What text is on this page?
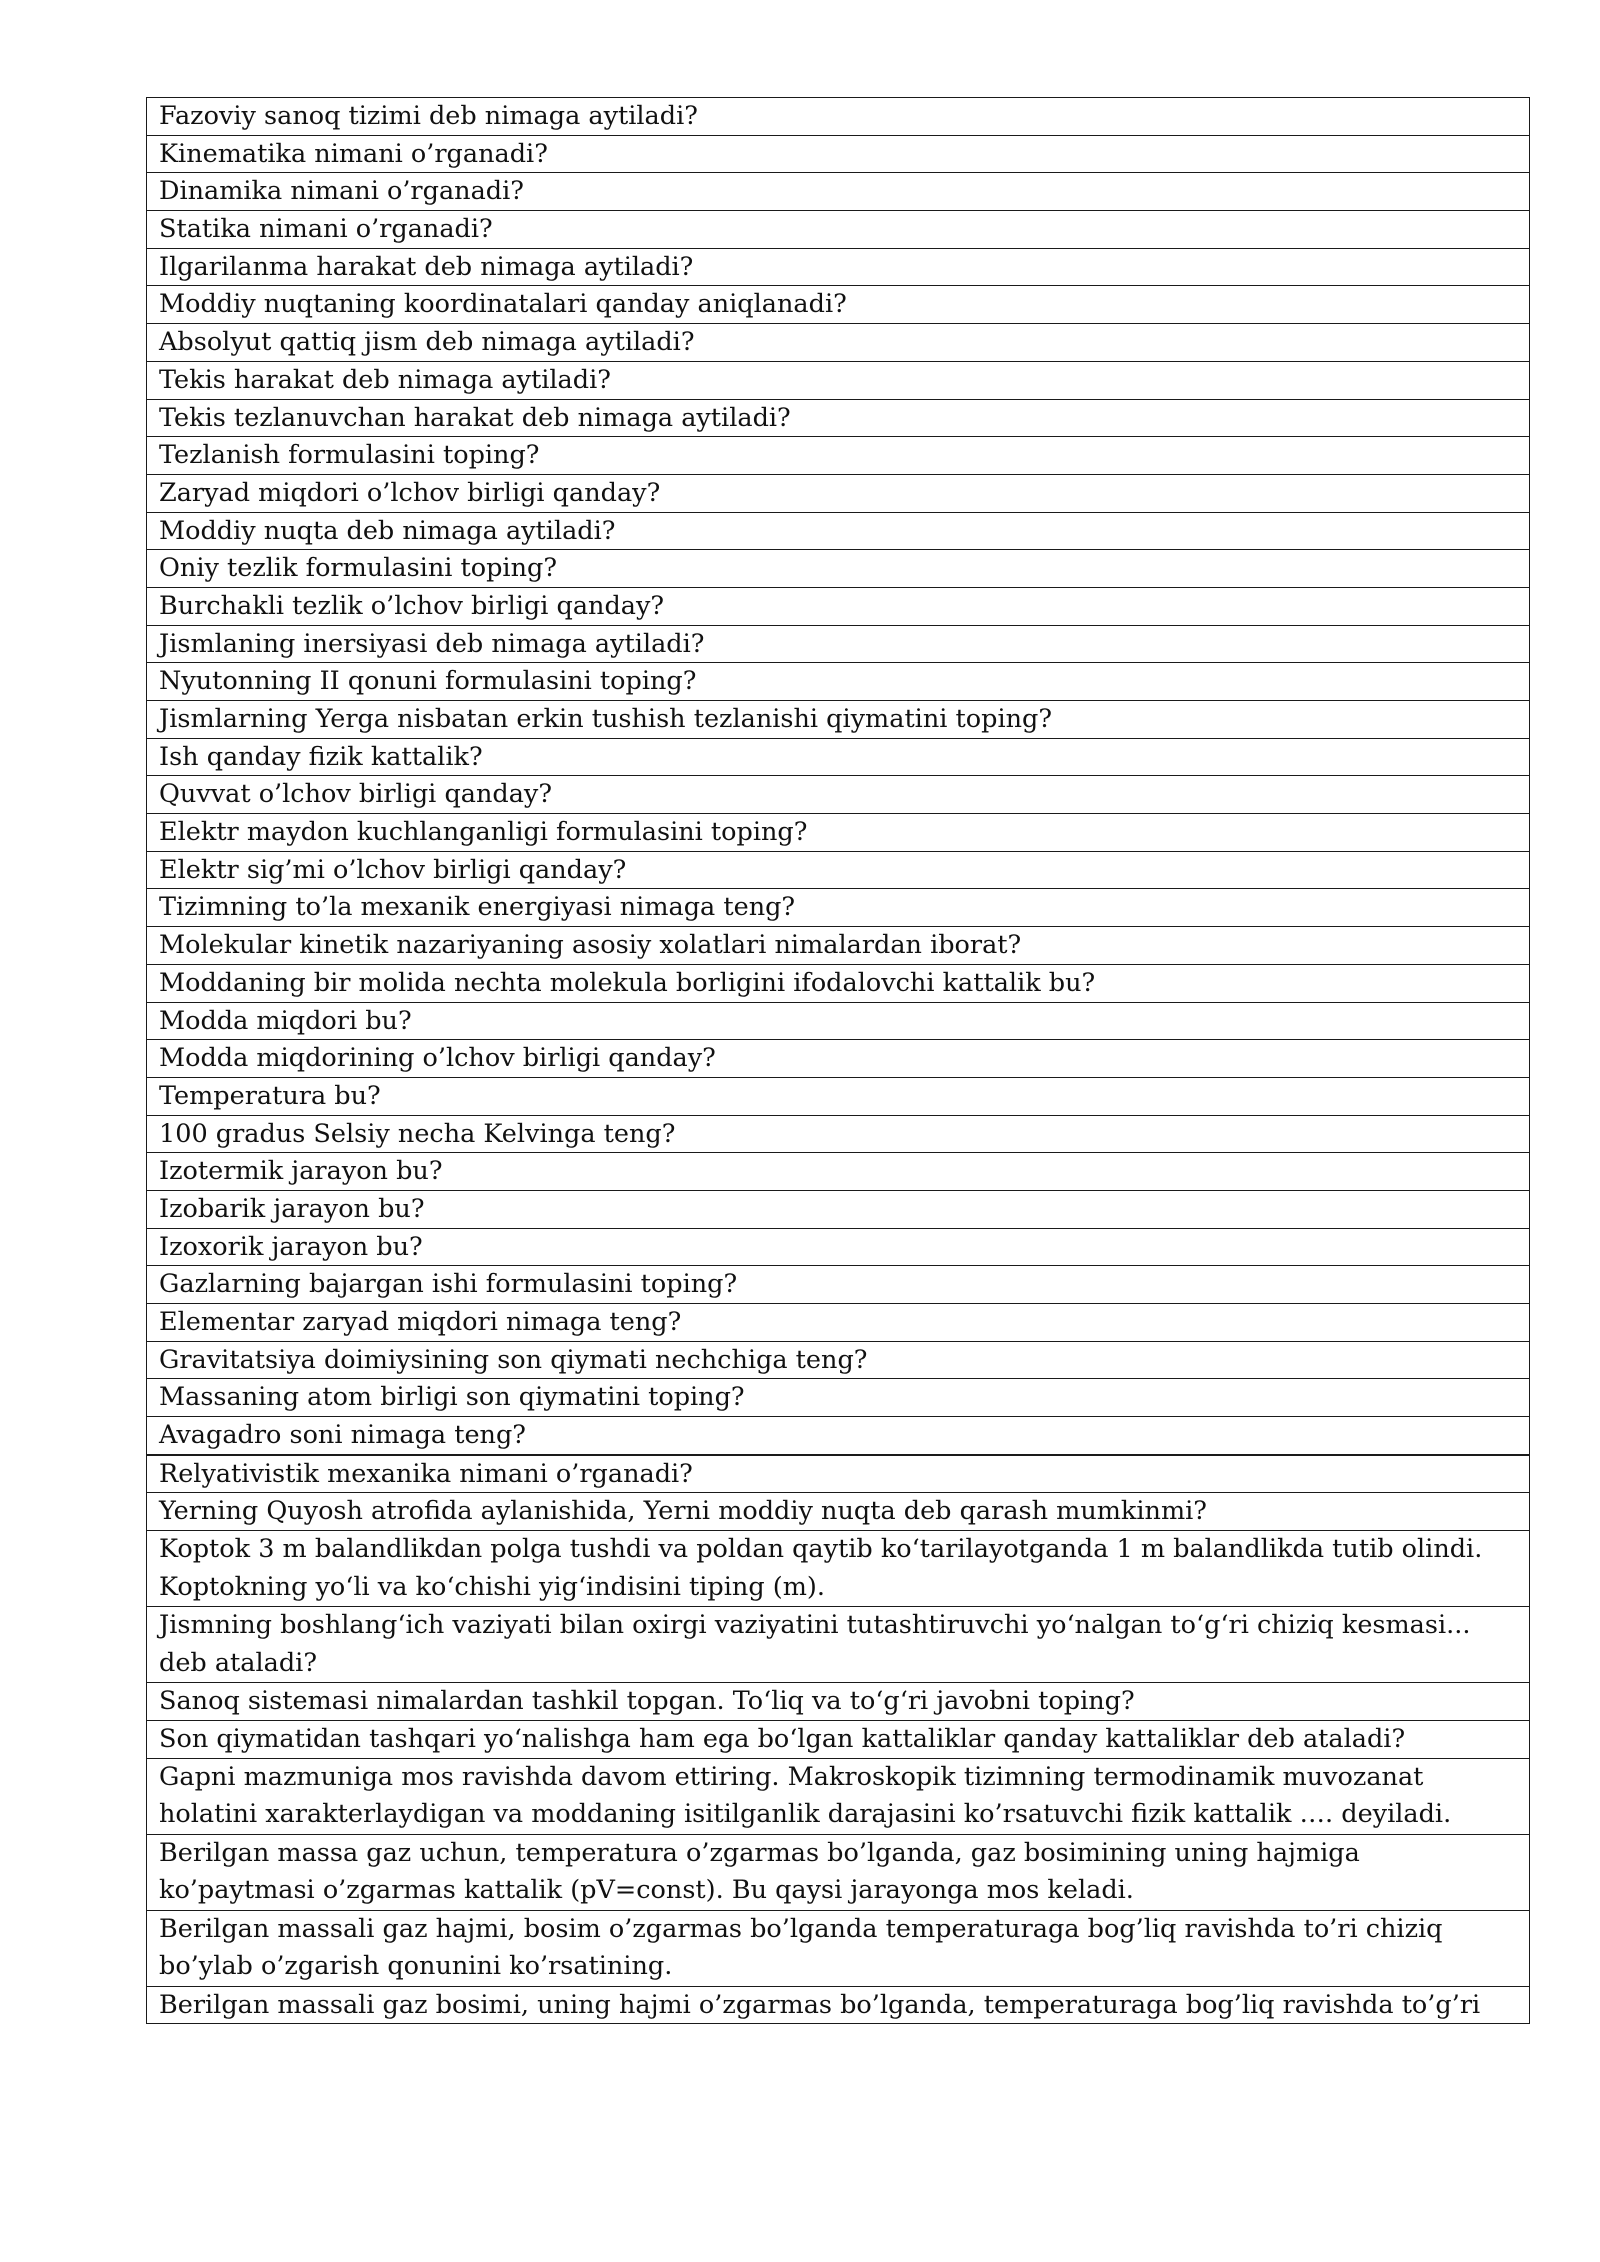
Fazoviy sanoq tizimi deb nimaga aytiladi?
Kinematika nimani o’rganadi?
Dinamika nimani o’rganadi?
Statika nimani o’rganadi?
Ilgarilanma harakat deb nimaga aytiladi?
Moddiy nuqtaning koordinatalari qanday aniqlanadi?
Absolyut qattiq jism deb nimaga aytiladi?
Tekis harakat deb nimaga aytiladi?
Tekis tezlanuvchan harakat deb nimaga aytiladi?
Tezlanish formulasini toping?
Zaryad miqdori o’lchov birligi qanday?
Moddiy nuqta deb nimaga aytiladi?
Oniy tezlik formulasini toping?
Burchakli tezlik o’lchov birligi qanday?
Jismlaning inersiyasi deb nimaga aytiladi?
Nyutonning II qonuni formulasini toping?
Jismlarning Yerga nisbatan erkin tushish tezlanishi qiymatini toping?
Ish qanday fizik kattalik?
Quvvat o’lchov birligi qanday?
Elektr maydon kuchlanganligi formulasini toping?
Elektr sig’mi o’lchov birligi qanday?
Tizimning to’la mexanik energiyasi nimaga teng?
Molekular kinetik nazariyaning asosiy xolatlari nimalardan iborat?
Moddaning bir molida nechta molekula borligini ifodalovchi kattalik bu?
Modda miqdori bu?
Modda miqdorining o’lchov birligi qanday?
Temperatura bu?
100 gradus Selsiy necha Kelvinga teng?
Izotermik jarayon bu?
Izobarik jarayon bu?
Izoxorik jarayon bu?
Gazlarning bajargan ishi formulasini toping?
Elementar zaryad miqdori nimaga teng?
Gravitatsiya doimiysining son qiymati nechchiga teng?
Massaning atom birligi son qiymatini toping?
Avagadro soni nimaga teng?
Relyativistik mexanika nimani o’rganadi?
Yerning Quyosh atrofida aylanishida, Yerni moddiy nuqta deb qarash mumkinmi?
Koptok 3 m balandlikdan polga tushdi va poldan qaytib ko‘tarilayotganda 1 m balandlikda tutib olindi. Koptokning yo‘li va ko‘chishi yig‘indisini tiping (m).
Jismning boshlang‘ich vaziyati bilan oxirgi vaziyatini tutashtiruvchi yo‘nalgan to‘g‘ri chiziq kesmasi... deb ataladi?
Sanoq sistemasi nimalardan tashkil topgan. To‘liq va to‘g‘ri javobni toping?
Son qiymatidan tashqari yo‘nalishga ham ega bo‘lgan kattaliklar qanday kattaliklar deb ataladi?
Gapni mazmuniga mos ravishda davom ettiring. Makroskopik tizimning termodinamik muvozanat holatini xarakterlaydigan va moddaning isitilganlik darajasini ko’rsatuvchi fizik kattalik …. deyiladi.
Berilgan massa gaz uchun, temperatura o’zgarmas bo’lganda, gaz bosimining uning hajmiga ko’paytmasi o’zgarmas kattalik (pV=const). Bu qaysi jarayonga mos keladi.
Berilgan massali gaz hajmi, bosim o’zgarmas bo’lganda temperaturaga bog’liq ravishda to’ri chiziq bo’ylab o’zgarish qonunini ko’rsatining.
Berilgan massali gaz bosimi, uning hajmi o’zgarmas bo’lganda, temperaturaga bog’liq ravishda to’g’ri
